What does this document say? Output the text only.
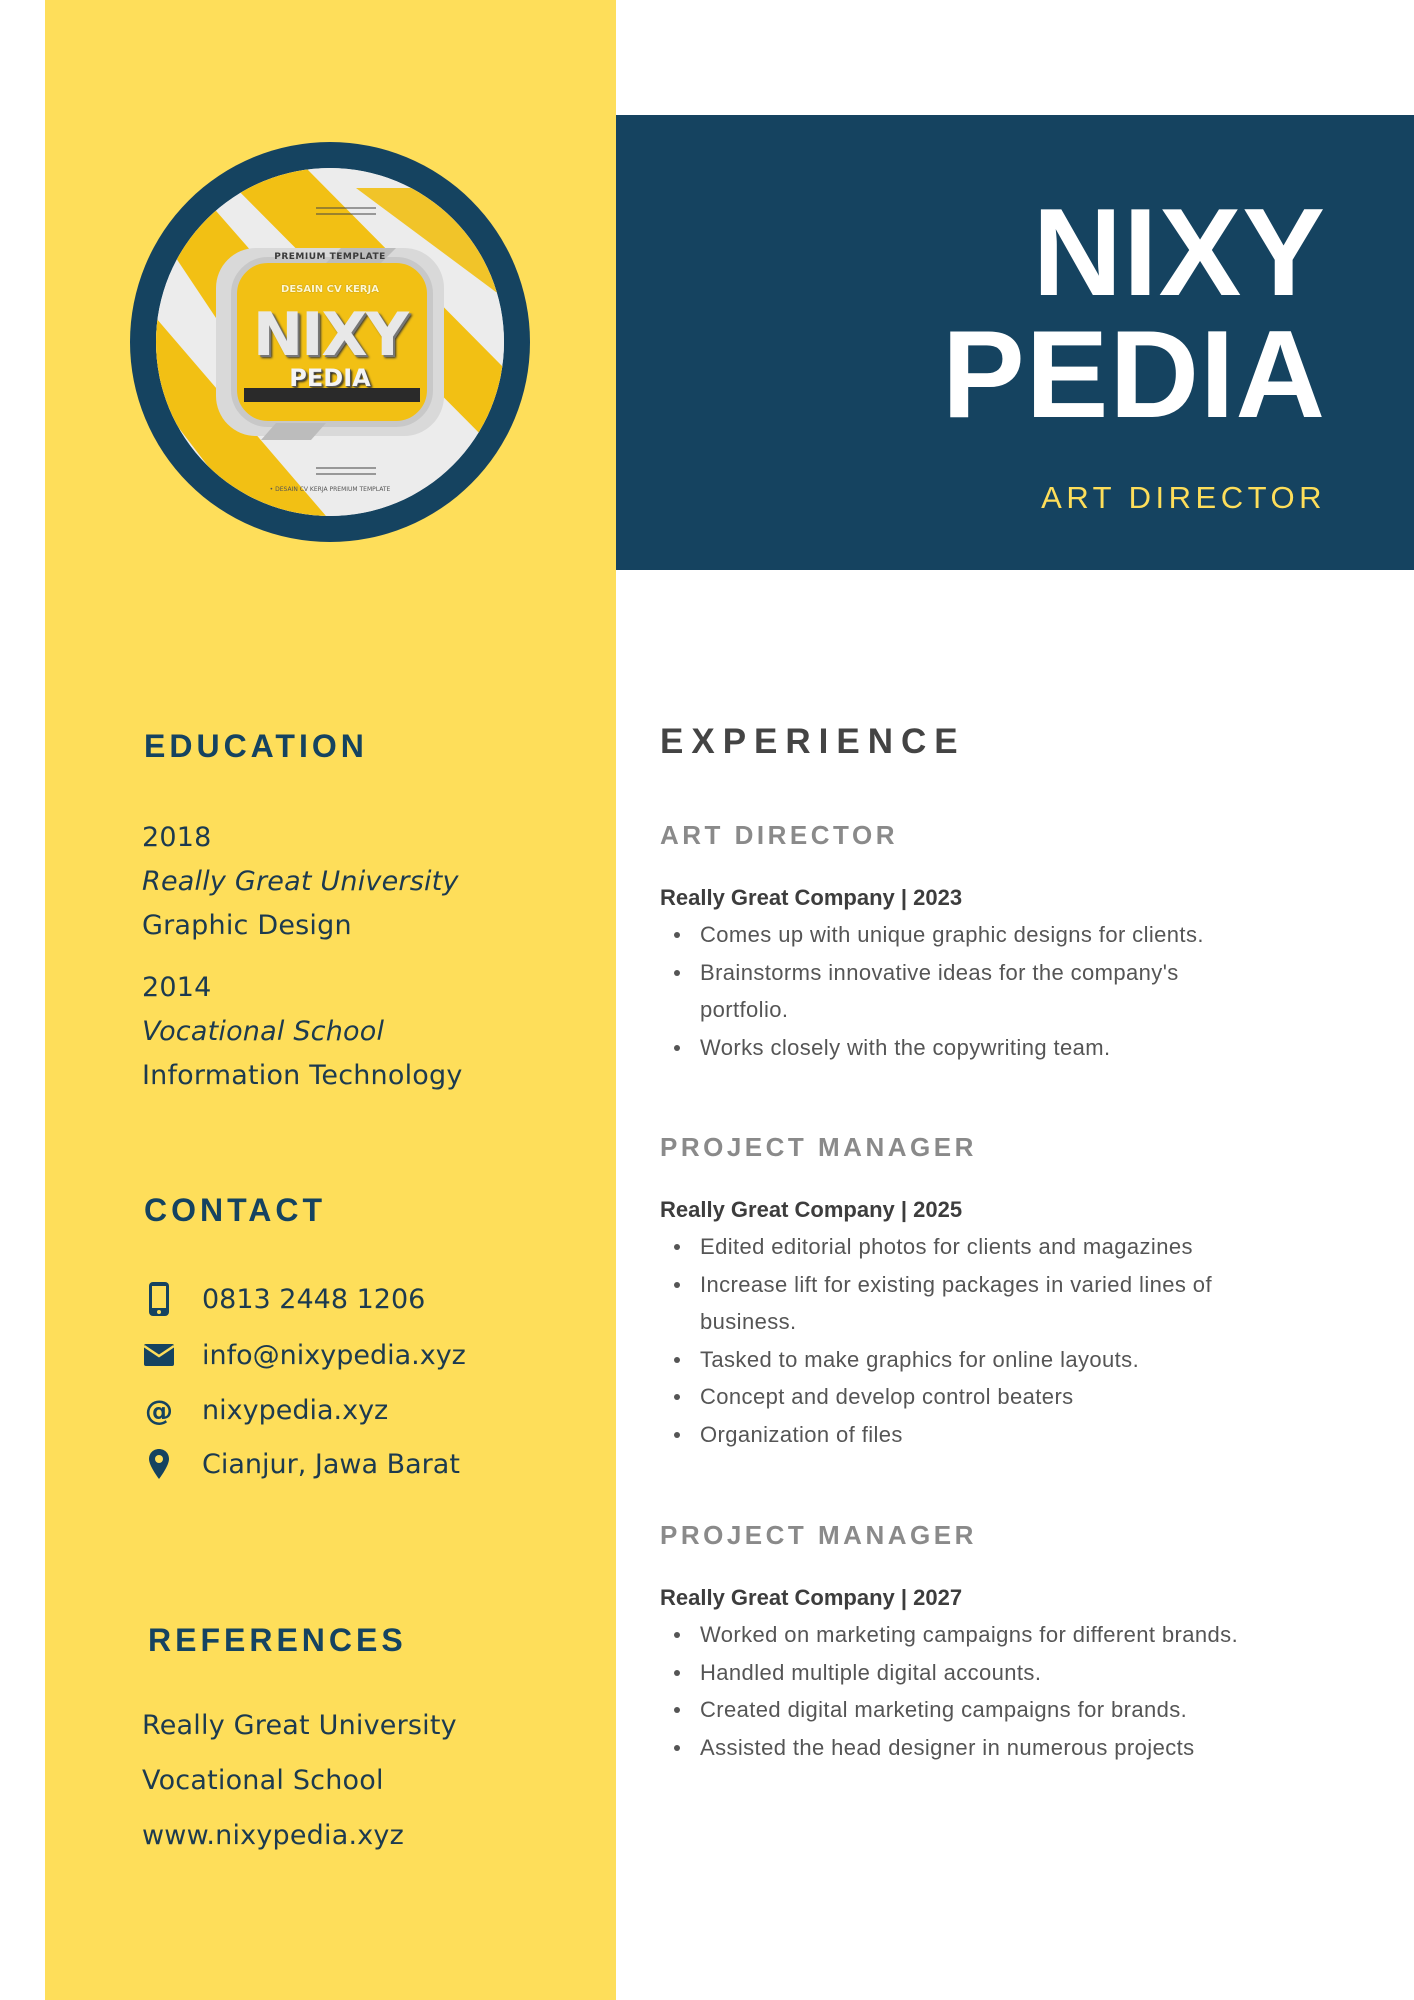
PREMIUM TEMPLATE
DESAIN CV KERJA
NIXY
PEDIA
• DESAIN CV KERJA PREMIUM TEMPLATE
NIXY
PEDIA
ART DIRECTOR
EDUCATION
2018
Really Great University
Graphic Design
2014
Vocational School
Information Technology
CONTACT
0813 2448 1206
info@nixypedia.xyz
@ nixypedia.xyz
Cianjur, Jawa Barat
REFERENCES
Really Great University
Vocational School
www.nixypedia.xyz
EXPERIENCE
ART DIRECTOR
Really Great Company | 2023
Comes up with unique graphic designs for clients.
Brainstorms innovative ideas for the company's portfolio.
Works closely with the copywriting team.
PROJECT MANAGER
Really Great Company | 2025
Edited editorial photos for clients and magazines
Increase lift for existing packages in varied lines of business.
Tasked to make graphics for online layouts.
Concept and develop control beaters
Organization of files
PROJECT MANAGER
Really Great Company | 2027
Worked on marketing campaigns for different brands.
Handled multiple digital accounts.
Created digital marketing campaigns for brands.
Assisted the head designer in numerous projects
